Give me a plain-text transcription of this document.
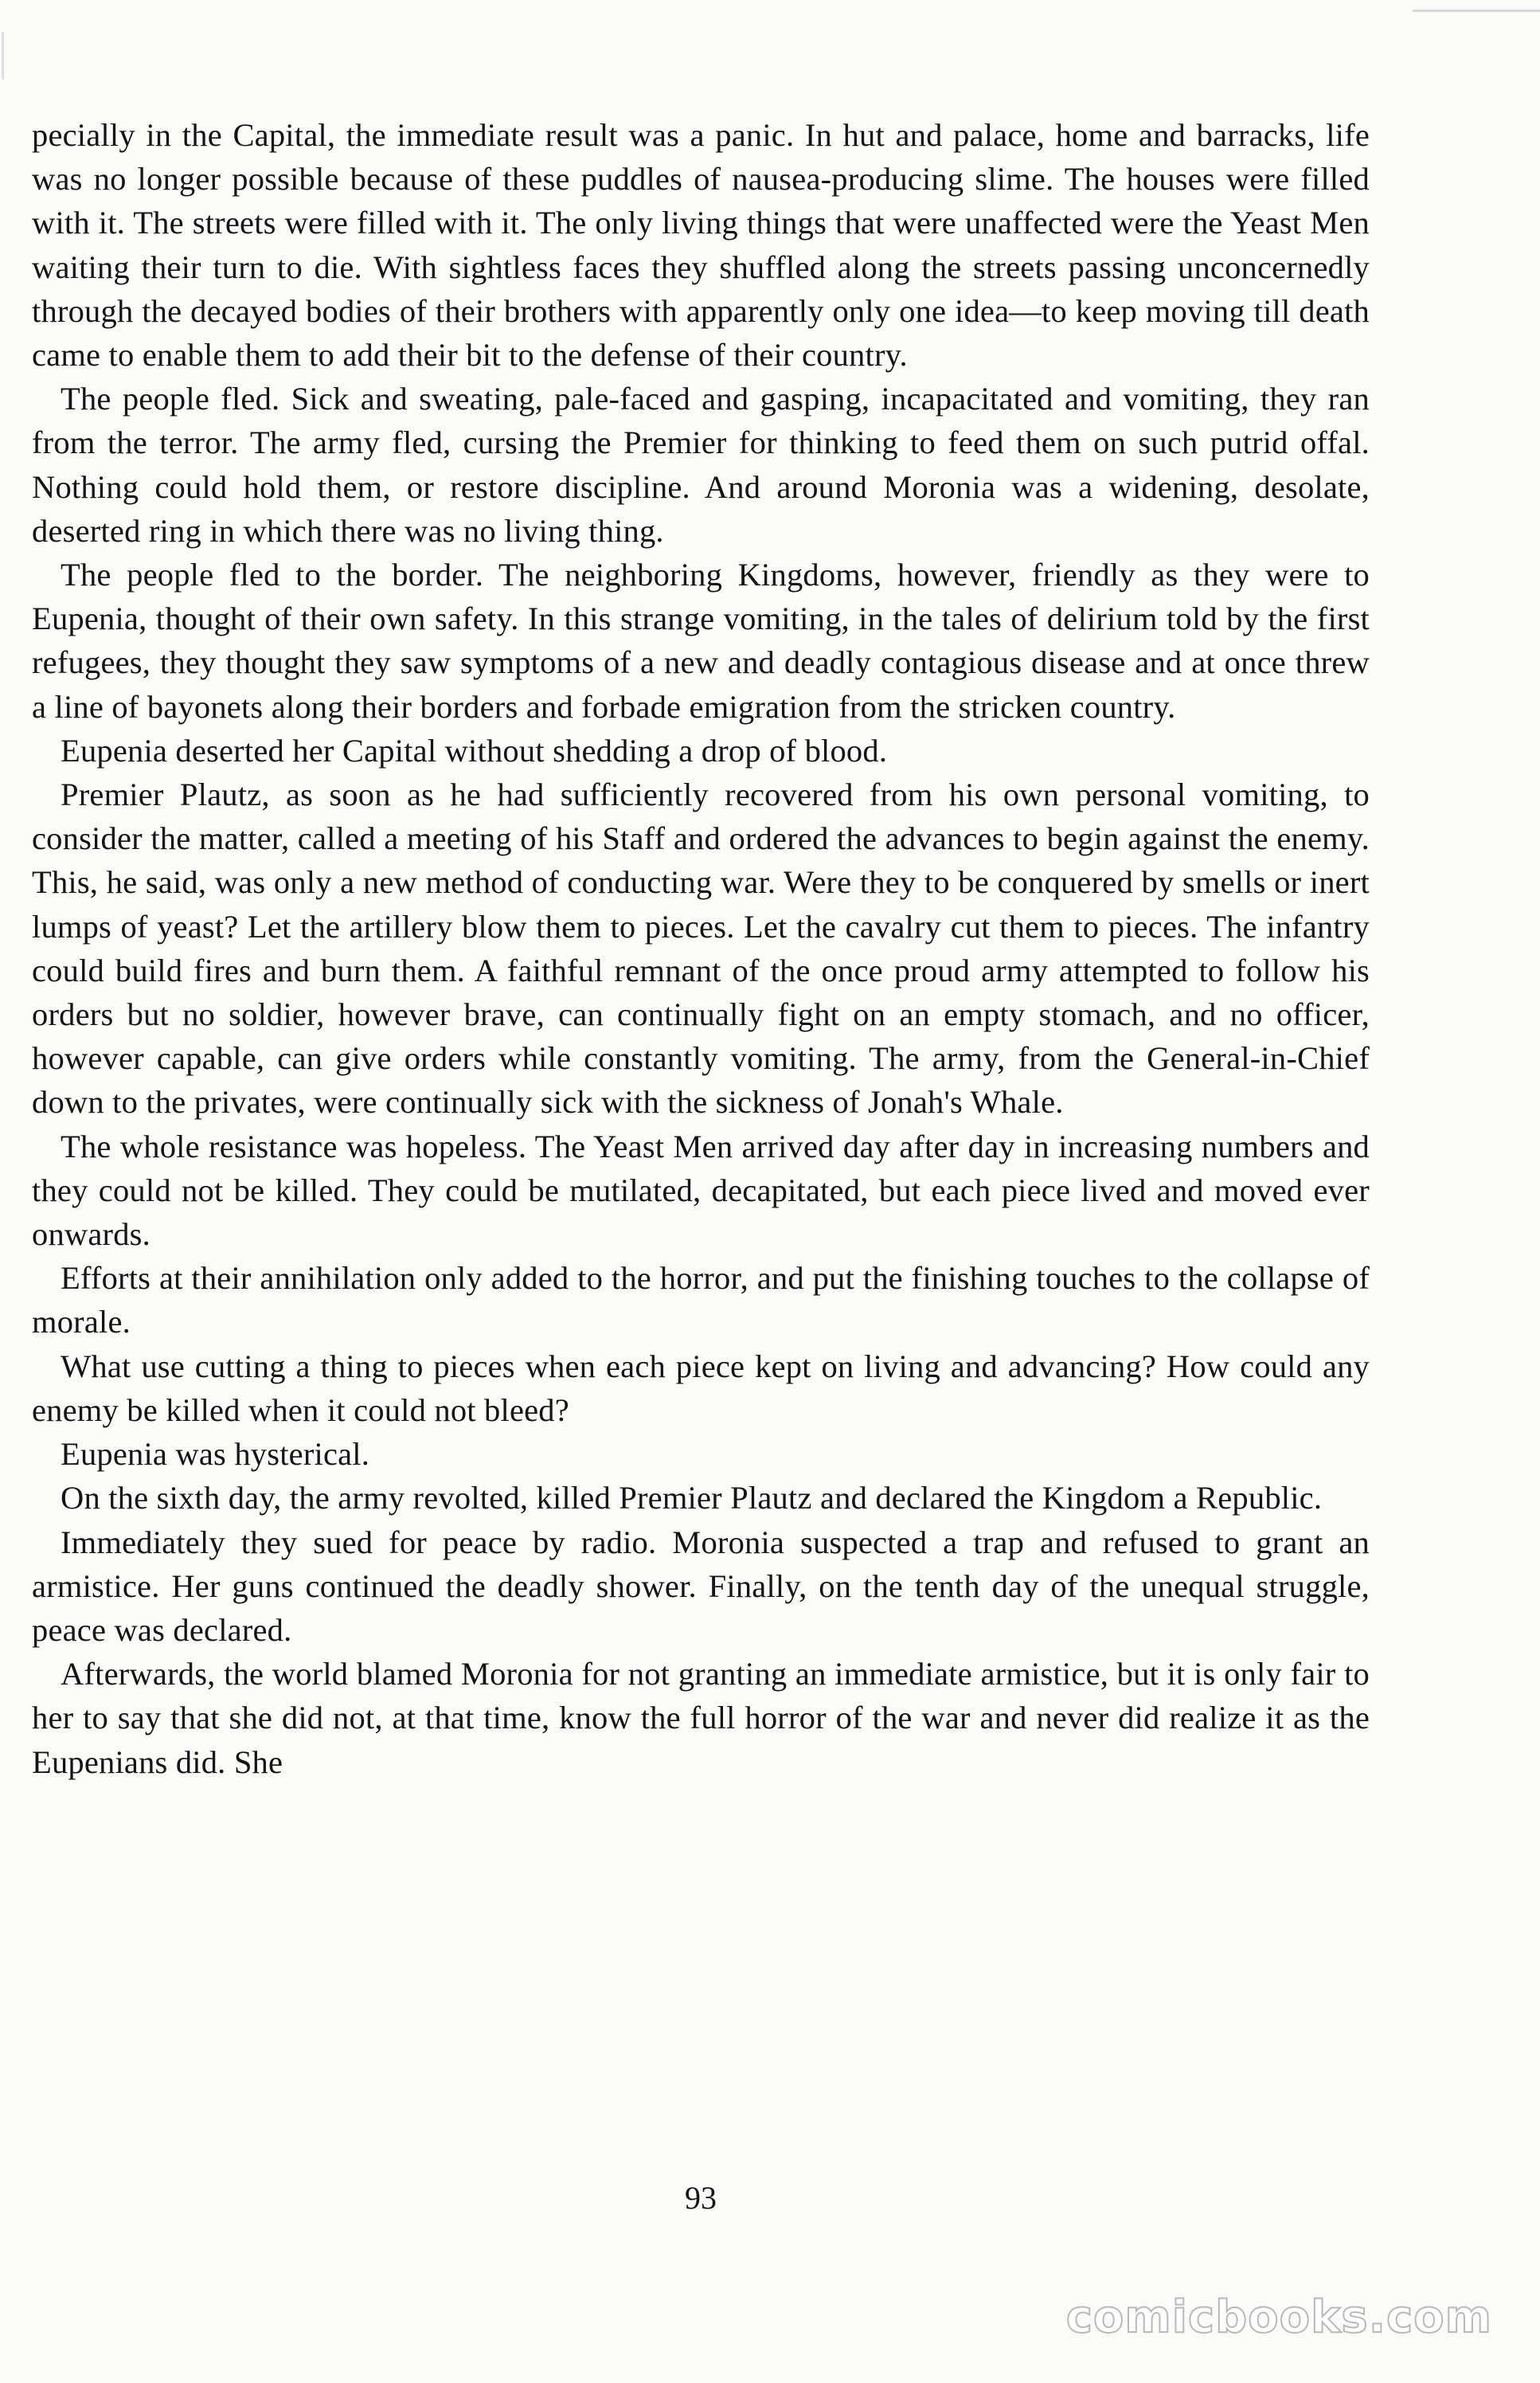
pecially in the Capital, the immediate result was a panic. In hut and palace, home and barracks, life was no longer possible because of these puddles of nausea-producing slime. The houses were filled with it. The streets were filled with it. The only living things that were unaffected were the Yeast Men waiting their turn to die. With sightless faces they shuffled along the streets passing unconcernedly through the decayed bodies of their brothers with apparently only one idea—to keep moving till death came to enable them to add their bit to the defense of their country.

The people fled. Sick and sweating, pale-faced and gasping, incapacitated and vomiting, they ran from the terror. The army fled, cursing the Premier for thinking to feed them on such putrid offal. Nothing could hold them, or restore discipline. And around Moronia was a widening, desolate, deserted ring in which there was no living thing.

The people fled to the border. The neighboring Kingdoms, however, friendly as they were to Eupenia, thought of their own safety. In this strange vomiting, in the tales of delirium told by the first refugees, they thought they saw symptoms of a new and deadly contagious disease and at once threw a line of bayonets along their borders and forbade emigration from the stricken country.

Eupenia deserted her Capital without shedding a drop of blood.

Premier Plautz, as soon as he had sufficiently recovered from his own personal vomiting, to consider the matter, called a meeting of his Staff and ordered the advances to begin against the enemy. This, he said, was only a new method of conducting war. Were they to be conquered by smells or inert lumps of yeast? Let the artillery blow them to pieces. Let the cavalry cut them to pieces. The infantry could build fires and burn them. A faithful remnant of the once proud army attempted to follow his orders but no soldier, however brave, can continually fight on an empty stomach, and no officer, however capable, can give orders while constantly vomiting. The army, from the General-in-Chief down to the privates, were continually sick with the sickness of Jonah's Whale.

The whole resistance was hopeless. The Yeast Men arrived day after day in increasing numbers and they could not be killed. They could be mutilated, decapitated, but each piece lived and moved ever onwards.

Efforts at their annihilation only added to the horror, and put the finishing touches to the collapse of morale.

What use cutting a thing to pieces when each piece kept on living and advancing? How could any enemy be killed when it could not bleed?

Eupenia was hysterical.

On the sixth day, the army revolted, killed Premier Plautz and declared the Kingdom a Republic.

Immediately they sued for peace by radio. Moronia suspected a trap and refused to grant an armistice. Her guns continued the deadly shower. Finally, on the tenth day of the unequal struggle, peace was declared.

Afterwards, the world blamed Moronia for not granting an immediate armistice, but it is only fair to her to say that she did not, at that time, know the full horror of the war and never did realize it as the Eupenians did. She

93
comicbooks.com
